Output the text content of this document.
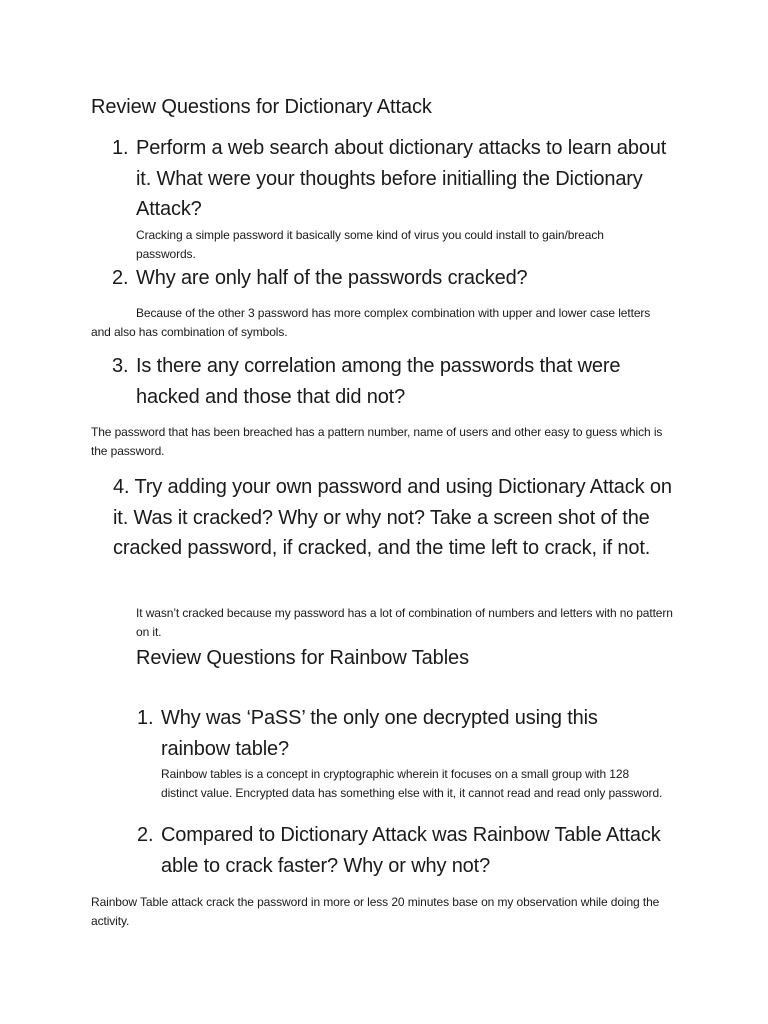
Review Questions for Dictionary Attack
1. Perform a web search about dictionary attacks to learn about it. What were your thoughts before initialling the Dictionary Attack?

Cracking a simple password it basically some kind of virus you could install to gain/breach passwords.

2. Why are only half of the passwords cracked?

Because of the other 3 password has more complex combination with upper and lower case letters and also has combination of symbols.

3. Is there any correlation among the passwords that were hacked and those that did not?

The password that has been breached has a pattern number, name of users and other easy to guess which is the password.

4. Try adding your own password and using Dictionary Attack on it. Was it cracked? Why or why not? Take a screen shot of the cracked password, if cracked, and the time left to crack, if not.

It wasn’t cracked because my password has a lot of combination of numbers and letters with no pattern on it.

Review Questions for Rainbow Tables
1. Why was ‘PaSS’ the only one decrypted using this rainbow table?

Rainbow tables is a concept in cryptographic wherein it focuses on a small group with 128 distinct value. Encrypted data has something else with it, it cannot read and read only password.

2. Compared to Dictionary Attack was Rainbow Table Attack able to crack faster? Why or why not?

Rainbow Table attack crack the password in more or less 20 minutes base on my observation while doing the activity.
